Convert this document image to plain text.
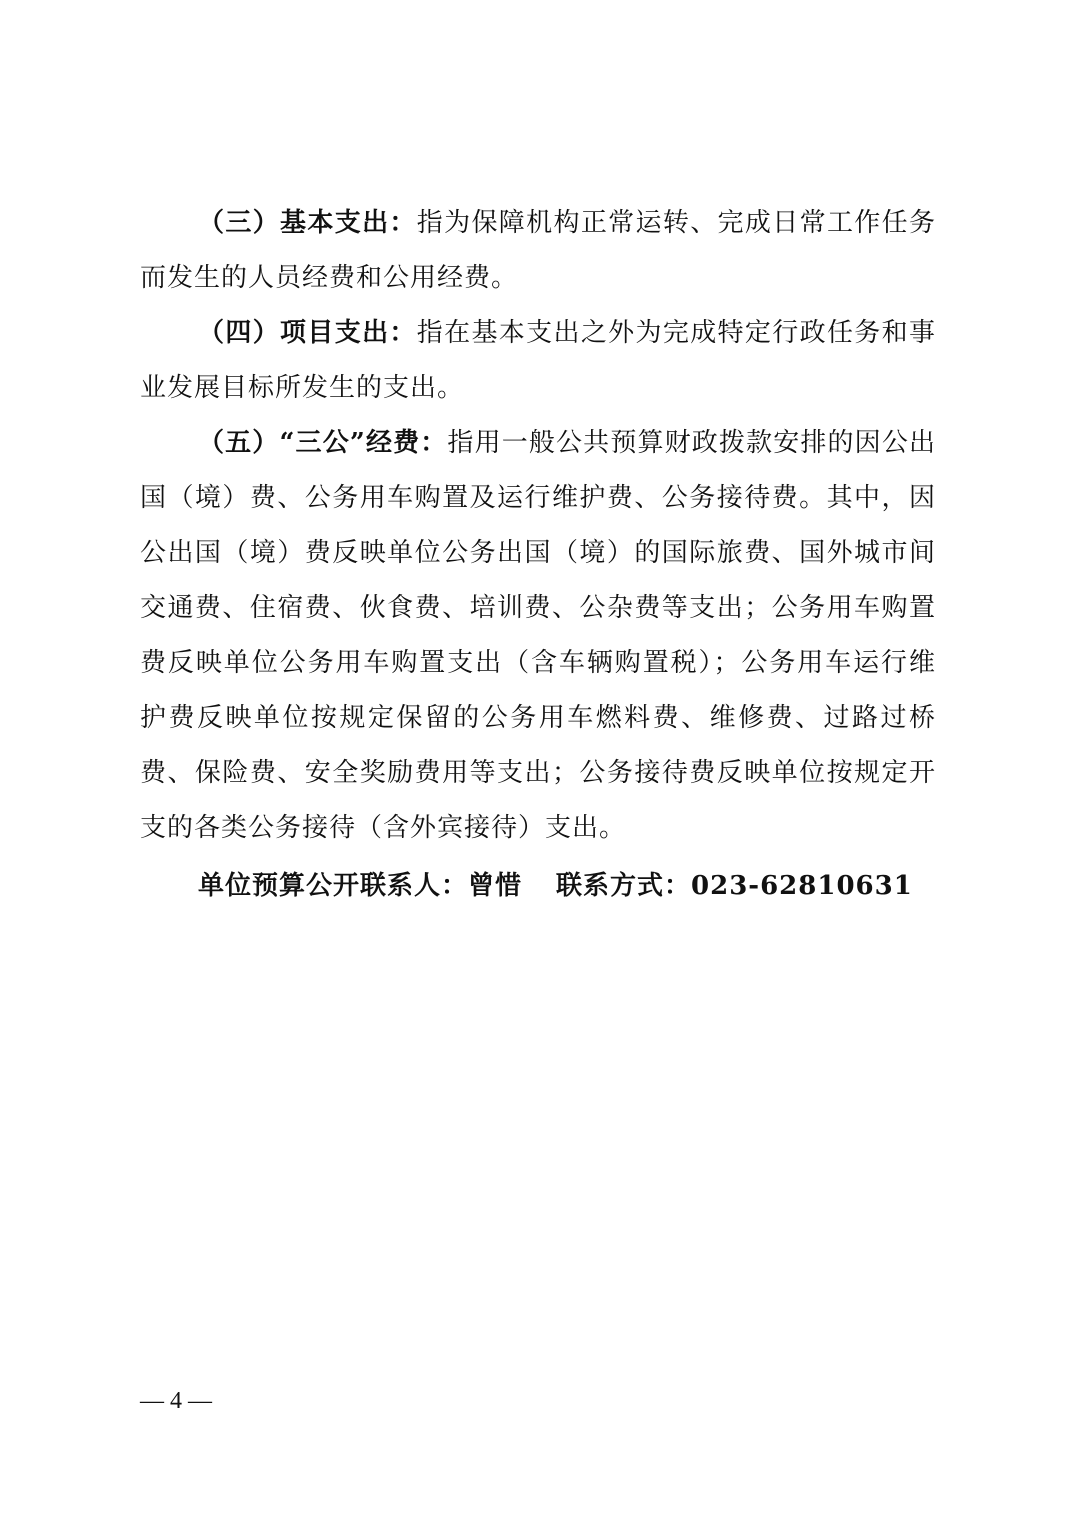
（三）基本支出：指为保障机构正常运转、完成日常工作任务而发生的人员经费和公用经费。

（四）项目支出：指在基本支出之外为完成特定行政任务和事业发展目标所发生的支出。

（五）“三公”经费：指用一般公共预算财政拨款安排的因公出国（境）费、公务用车购置及运行维护费、公务接待费。其中，因公出国（境）费反映单位公务出国（境）的国际旅费、国外城市间交通费、住宿费、伙食费、培训费、公杂费等支出；公务用车购置费反映单位公务用车购置支出（含车辆购置税）；公务用车运行维护费反映单位按规定保留的公务用车燃料费、维修费、过路过桥费、保险费、安全奖励费用等支出；公务接待费反映单位按规定开支的各类公务接待（含外宾接待）支出。

单位预算公开联系人：曾惜 联系方式：023-62810631
— 4 —
